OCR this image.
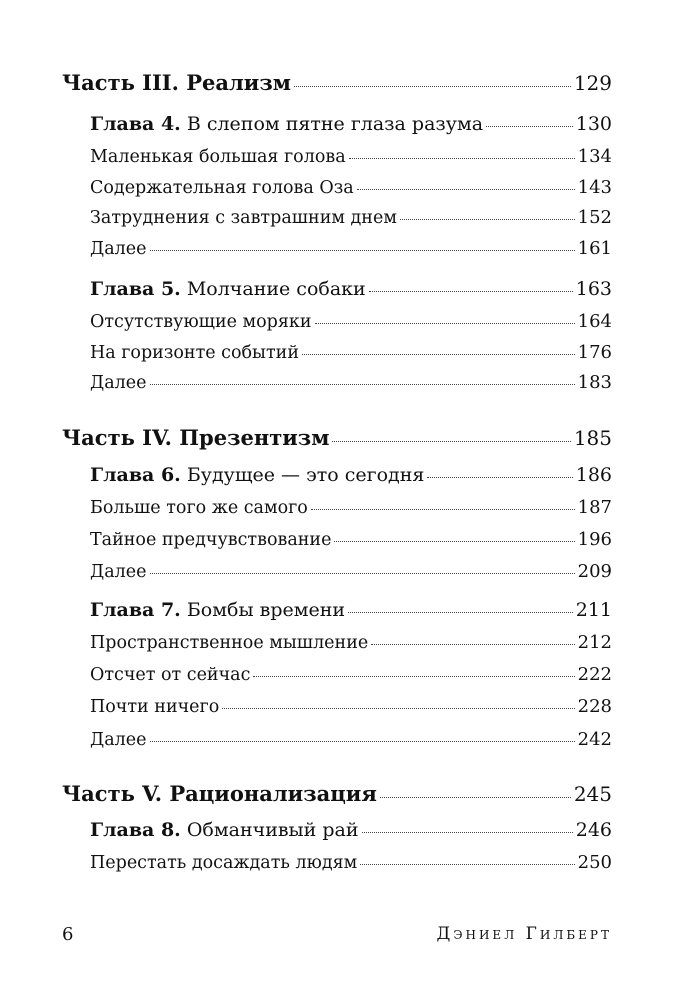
Часть III. Реализм	129
Глава 4. В слепом пятне глаза разума	130
Маленькая большая голова	134
Содержательная голова Оза	143
Затруднения с завтрашним днем	152
Далее	161
Глава 5. Молчание собаки	163
Отсутствующие моряки	164
На горизонте событий	176
Далее	183
Часть IV. Презентизм	185
Глава 6. Будущее — это сегодня	186
Больше того же самого	187
Тайное предчувствование	196
Далее	209
Глава 7. Бомбы времени	211
Пространственное мышление	212
Отсчет от сейчас	222
Почти ничего	228
Далее	242
Часть V. Рационализация	245
Глава 8. Обманчивый рай	246
Перестать досаждать людям	250
6	Дэниел Гилберт
